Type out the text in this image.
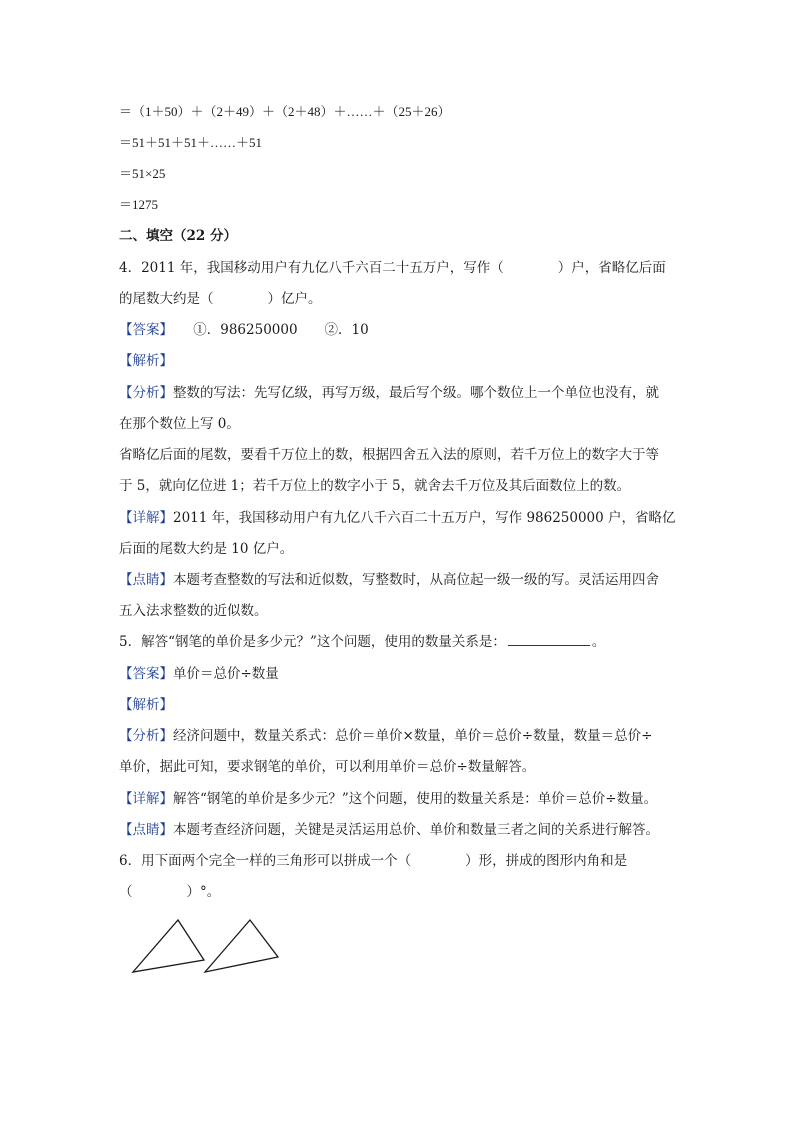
＝（1＋50）＋（2＋49）＋（2＋48）＋……＋（25＋26）
＝51＋51＋51＋……＋51
＝51×25
＝1275
二、填空（22 分）
4．2011 年，我国移动用户有九亿八千六百二十五万户，写作（　　　　）户，省略亿后面
的尾数大约是（　　　　）亿户。
【答案】　　①．986250000　　②．10
【解析】
【分析】整数的写法：先写亿级，再写万级，最后写个级。哪个数位上一个单位也没有，就
在那个数位上写 0。
省略亿后面的尾数，要看千万位上的数，根据四舍五入法的原则，若千万位上的数字大于等
于 5，就向亿位进 1；若千万位上的数字小于 5，就舍去千万位及其后面数位上的数。
【详解】2011 年，我国移动用户有九亿八千六百二十五万户，写作 986250000 户，省略亿
后面的尾数大约是 10 亿户。
【点睛】本题考查整数的写法和近似数，写整数时，从高位起一级一级的写。灵活运用四舍
五入法求整数的近似数。
5．解答“钢笔的单价是多少元？”这个问题，使用的数量关系是：	。
【答案】单价＝总价÷数量
【解析】
【分析】经济问题中，数量关系式：总价＝单价×数量，单价＝总价÷数量，数量＝总价÷
单价，据此可知，要求钢笔的单价，可以利用单价＝总价÷数量解答。
【详解】解答“钢笔的单价是多少元？”这个问题，使用的数量关系是：单价＝总价÷数量。
【点睛】本题考查经济问题，关键是灵活运用总价、单价和数量三者之间的关系进行解答。
6．用下面两个完全一样的三角形可以拼成一个（　　　　）形，拼成的图形内角和是
（　　　　）°。
